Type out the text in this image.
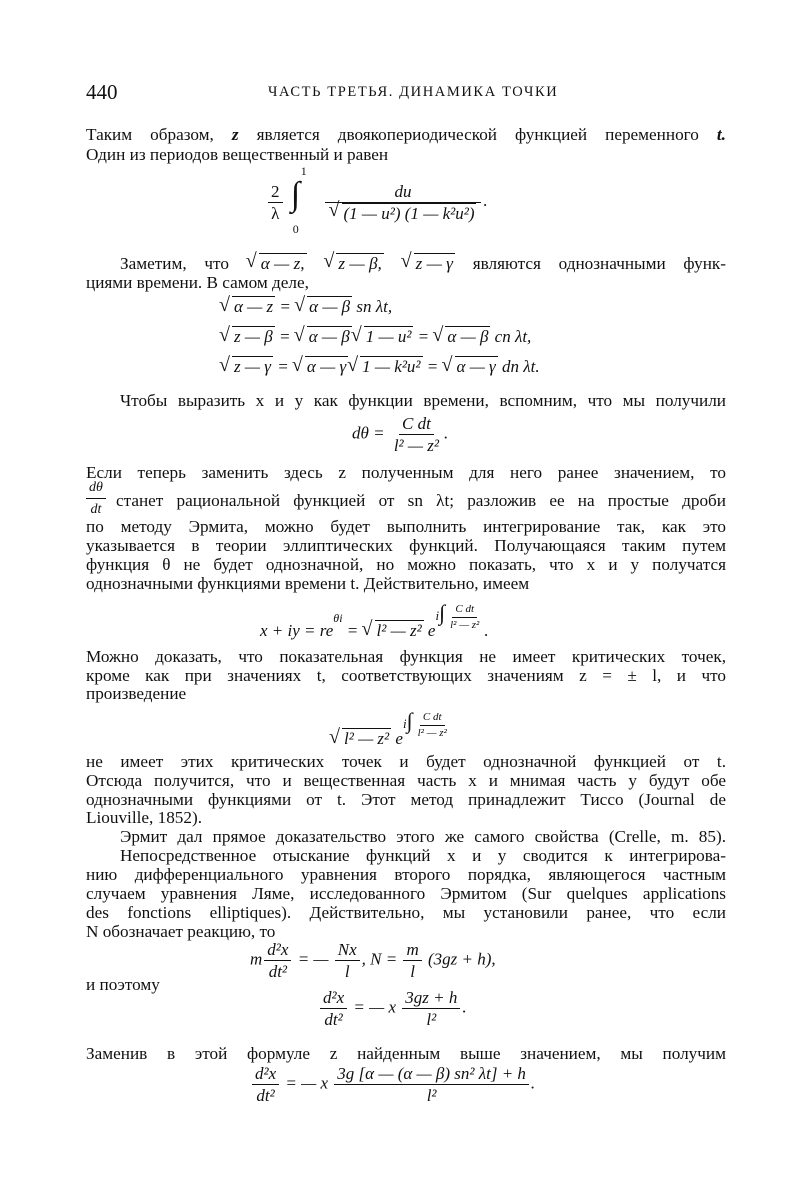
440	ЧАСТЬ ТРЕТЬЯ. ДИНАМИКА ТОЧКИ
Таким образом, z является двоякопериодической функцией переменного t.
Один из периодов вещественный и равен
$\frac{2}{\lambda}$

1
∫
0

du
√ (1 — u²) (1 — k²u²) .
Заметим, что √ α — z, √ z — β, √ z — γ являются однозначными функ-
циями времени. В самом деле,
√ α — z = √ α — β sn λt,
√ z — β = √ α — β √ 1 — u² = √ α — β cn λt,
√ z — γ = √ α — γ √ 1 — k²u² = √ α — γ dn λt.
Чтобы выразить x и y как функции времени, вспомним, что мы получили
$d\theta = \frac{\text{C dt}}{\text{l² — z²}}$ .
Если теперь заменить здесь z полученным для него ранее значением, то
$\frac{d\theta}{dt}$ станет рациональной функцией от sn λt; разложив ее на простые дроби
по методу Эрмита, можно будет выполнить интегрирование так, как это
указывается в теории эллиптических функций. Получающаяся таким путем
функция θ не будет однозначной, но можно показать, что x и y получатся
однозначными функциями времени t. Действительно, имеем
x + iy = reθi = √ l² — z² $ei\int \frac{\text{C dt}}{\text{l² — z²}}$ .
Можно доказать, что показательная функция не имеет критических точек,
кроме как при значениях t, соответствующих значениям z = ± l, и что
произведение
√ l² — z² $ei\int \frac{\text{C dt}}{\text{l² — z²}}$
не имеет этих критических точек и будет однозначной функцией от t.
Отсюда получится, что и вещественная часть x и мнимая часть y будут обе
однозначными функциями от t. Этот метод принадлежит Тиссо (Journal de
Liouville, 1852).
Эрмит дал прямое доказательство этого же самого свойства (Crelle, m. 85).
Непосредственное отыскание функций x и y сводится к интегрирова-
нию дифференциального уравнения второго порядка, являющегося частным
случаем уравнения Ляме, исследованного Эрмитом (Sur quelques applications
des fonctions elliptiques). Действительно, мы установили ранее, что если
N обозначает реакцию, то
m $\frac{\text{d²x}}{\text{dt²}}$ = — $\frac{Nx}{l}$ , $N = \frac{m}{l} (3gz + h)$,
и поэтому
$\frac{\text{d²x}}{\text{dt²}}$ = — x $\frac{3gz + h}{\text{l²}}$ .
Заменив в этой формуле z найденным выше значением, мы получим
$\frac{\text{d²x}}{\text{dt²}}$ = — x $\frac{\text{3g [α — (α — β) sn² λt] + h}}{\text{l²}}$ .
